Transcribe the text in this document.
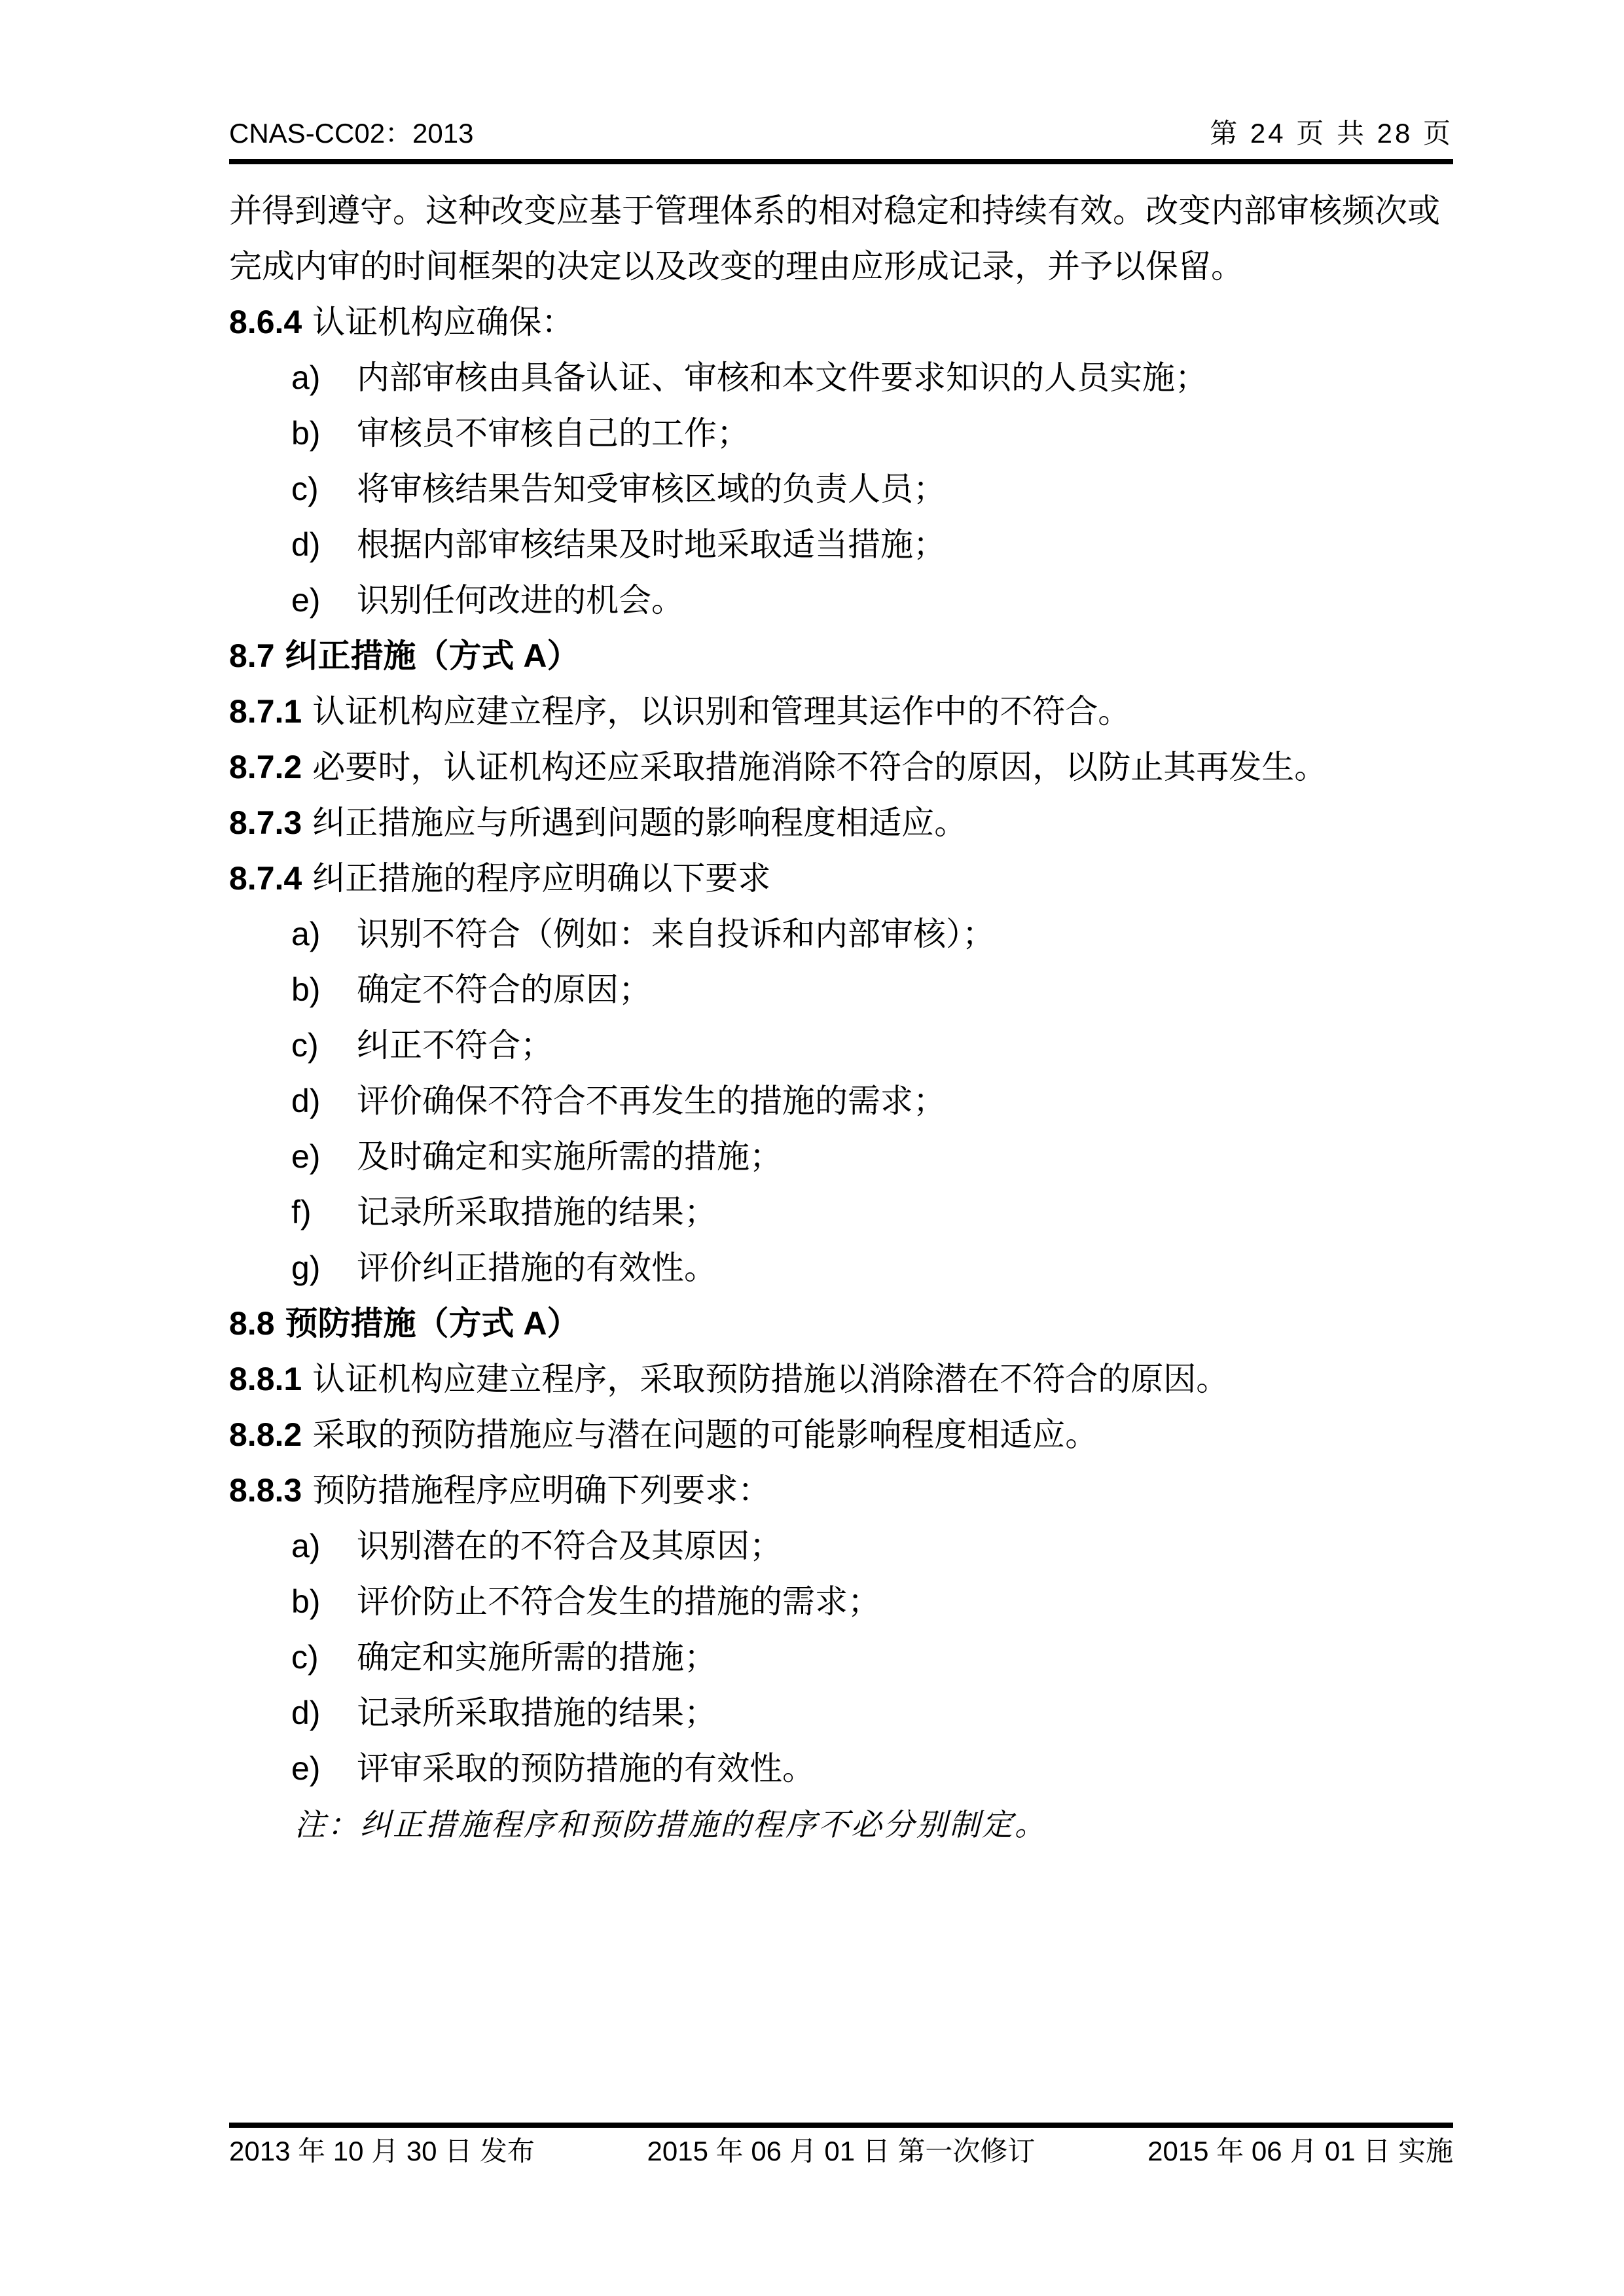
CNAS-CC02：2013	第 24 页 共 28 页
并得到遵守。这种改变应基于管理体系的相对稳定和持续有效。改变内部审核频次或
完成内审的时间框架的决定以及改变的理由应形成记录，并予以保留。
8.6.4 认证机构应确保：
a) 内部审核由具备认证、审核和本文件要求知识的人员实施；
b) 审核员不审核自己的工作；
c) 将审核结果告知受审核区域的负责人员；
d) 根据内部审核结果及时地采取适当措施；
e) 识别任何改进的机会。
8.7 纠正措施（方式 A）
8.7.1 认证机构应建立程序，以识别和管理其运作中的不符合。
8.7.2 必要时，认证机构还应采取措施消除不符合的原因，以防止其再发生。
8.7.3 纠正措施应与所遇到问题的影响程度相适应。
8.7.4 纠正措施的程序应明确以下要求
a) 识别不符合（例如：来自投诉和内部审核）；
b) 确定不符合的原因；
c) 纠正不符合；
d) 评价确保不符合不再发生的措施的需求；
e) 及时确定和实施所需的措施；
f) 记录所采取措施的结果；
g) 评价纠正措施的有效性。
8.8 预防措施（方式 A）
8.8.1 认证机构应建立程序，采取预防措施以消除潜在不符合的原因。
8.8.2 采取的预防措施应与潜在问题的可能影响程度相适应。
8.8.3 预防措施程序应明确下列要求：
a) 识别潜在的不符合及其原因；
b) 评价防止不符合发生的措施的需求；
c) 确定和实施所需的措施；
d) 记录所采取措施的结果；
e) 评审采取的预防措施的有效性。
注：纠正措施程序和预防措施的程序不必分别制定。
2013 年 10 月 30 日 发布	2015 年 06 月 01 日 第一次修订	2015 年 06 月 01 日 实施
